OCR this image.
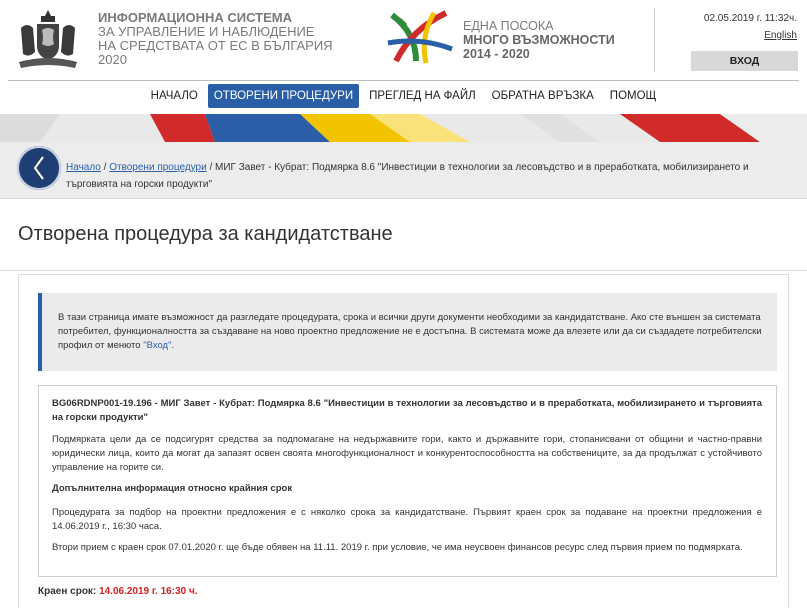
ИНФОРМАЦИОННА СИСТЕМА
ЗА УПРАВЛЕНИЕ И НАБЛЮДЕНИЕ
НА СРЕДСТВАТА ОТ ЕС В БЪЛГАРИЯ
2020
ЕДНА ПОСОКА
МНОГО ВЪЗМОЖНОСТИ
2014 - 2020
02.05.2019 г. 11:32ч.
English
ВХОД
НАЧАЛО	ОТВОРЕНИ ПРОЦЕДУРИ	ПРЕГЛЕД НА ФАЙЛ	ОБРАТНА ВРЪЗКА	ПОМОЩ
Начало / Отворени процедури / МИГ Завет - Кубрат: Подмярка 8.6 "Инвестиции в технологии за лесовъдство и в преработката, мобилизирането и търговията на горски продукти"
Отворена процедура за кандидатстване
В тази страница имате възможност да разгледате процедурата, срока и всички други документи необходими за кандидатстване. Ако сте външен за системата потребител, функционалността за създаване на ново проектно предложение не е достъпна. В системата може да влезете или да си създадете потребителски профил от менюто "Вход".
BG06RDNP001-19.196 - МИГ Завет - Кубрат: Подмярка 8.6 "Инвестиции в технологии за лесовъдство и в преработката, мобилизирането и търговията на горски продукти"
Подмярката цели да се подсигурят средства за подпомагане на недържавните гори, както и държавните гори, стопанисвани от общини и частно-правни юридически лица, които да могат да запазят освен своята многофункционалност и конкурентоспособността на собствениците, за да продължат с устойчивото управление на горите си.
Допълнителна информация относно крайния срок
Процедурата за подбор на проектни предложения е с няколко срока за кандидатстване. Първият краен срок за подаване на проектни предложения е 14.06.2019 г., 16:30 часа.
Втори прием с краен срок 07.01.2020 г. ще бъде обявен на 11.11. 2019 г. при условие, че има неусвоен финансов ресурс след първия прием по подмярката.
Краен срок: 14.06.2019 г. 16:30 ч.
